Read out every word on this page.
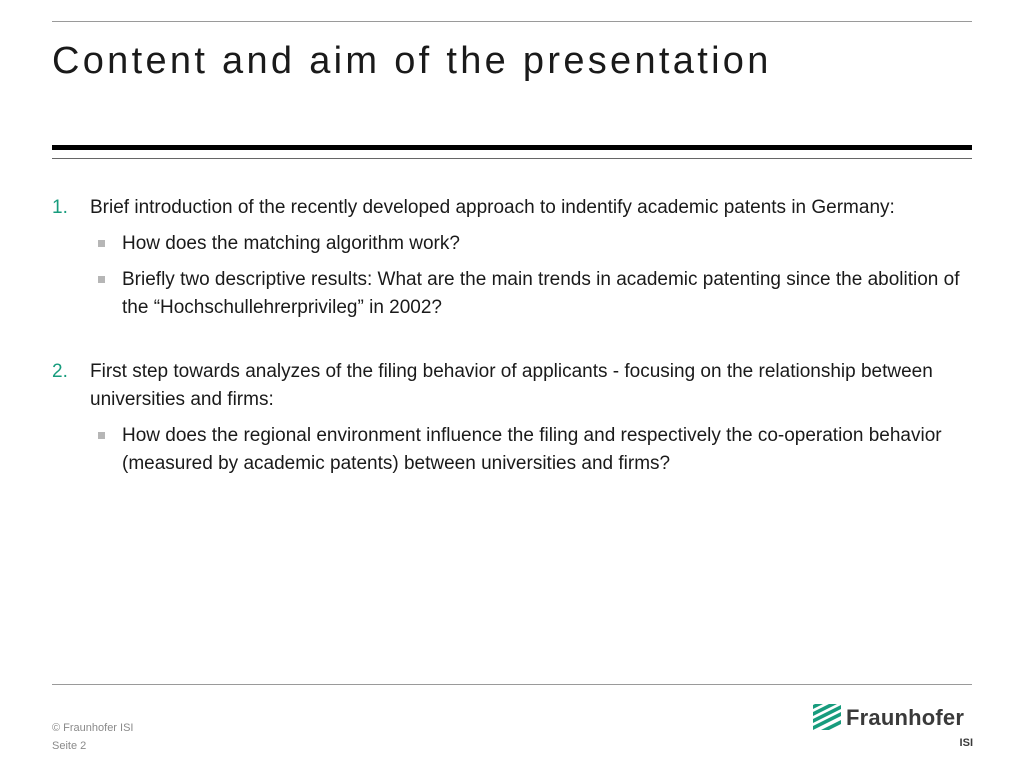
Content and aim of the presentation
1. Brief introduction of the recently developed approach to indentify academic patents in Germany:

How does the matching algorithm work?
Briefly two descriptive results: What are the main trends in academic patenting since the abolition of the “Hochschullehrerprivileg” in 2002?
2. First step towards analyzes of the filing behavior of applicants - focusing on the relationship between universities and firms:

How does the regional environment influence the filing and respectively the co-operation behavior (measured by academic patents) between universities and firms?
© Fraunhofer ISI
Seite 2
Fraunhofer
ISI
